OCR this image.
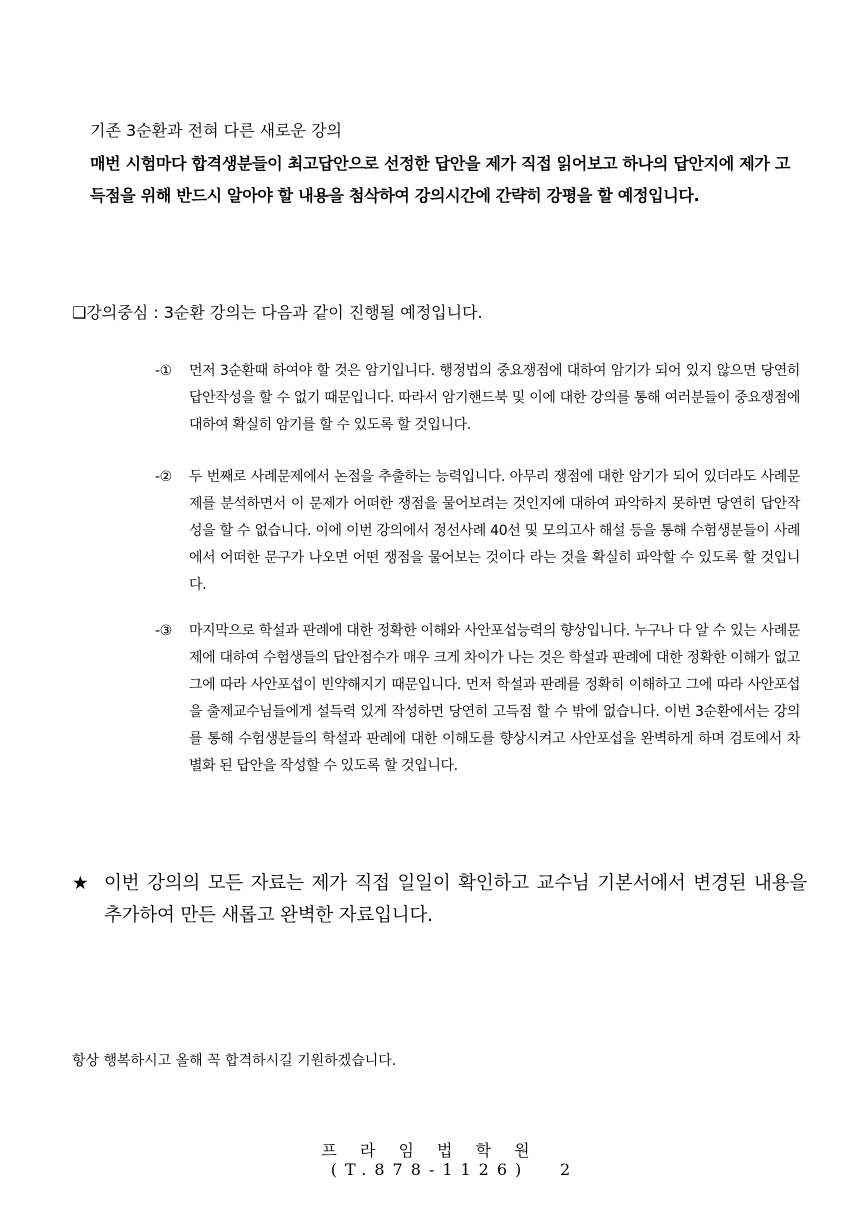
기존 3순환과 전혀 다른 새로운 강의
매번 시험마다 합격생분들이 최고답안으로 선정한 답안을 제가 직접 읽어보고 하나의 답안지에 제가 고득점을 위해 반드시 알아야 할 내용을 첨삭하여 강의시간에 간략히 강평을 할 예정입니다.
❏강의중심 : 3순환 강의는 다음과 같이 진행될 예정입니다.
-①	먼저 3순환때 하여야 할 것은 암기입니다. 행정법의 중요쟁점에 대하여 암기가 되어 있지 않으면 당연히 답안작성을 할 수 없기 때문입니다. 따라서 암기핸드북 및 이에 대한 강의를 통해 여러분들이 중요쟁점에 대하여 확실히 암기를 할 수 있도록 할 것입니다.
-②	두 번째로 사례문제에서 논점을 추출하는 능력입니다. 아무리 쟁점에 대한 암기가 되어 있더라도 사례문제를 분석하면서 이 문제가 어떠한 쟁점을 물어보려는 것인지에 대하여 파악하지 못하면 당연히 답안작성을 할 수 없습니다. 이에 이번 강의에서 정선사례 40선 및 모의고사 해설 등을 통해 수험생분들이 사례에서 어떠한 문구가 나오면 어떤 쟁점을 물어보는 것이다 라는 것을 확실히 파악할 수 있도록 할 것입니다.
-③	마지막으로 학설과 판례에 대한 정확한 이해와 사안포섭능력의 향상입니다. 누구나 다 알 수 있는 사례문제에 대하여 수험생들의 답안점수가 매우 크게 차이가 나는 것은 학설과 판례에 대한 정확한 이해가 없고 그에 따라 사안포섭이 빈약해지기 때문입니다. 먼저 학설과 판례를 정확히 이해하고 그에 따라 사안포섭을 출제교수님들에게 설득력 있게 작성하면 당연히 고득점 할 수 밖에 없습니다. 이번 3순환에서는 강의를 통해 수험생분들의 학설과 판례에 대한 이해도를 향상시켜고 사안포섭을 완벽하게 하며 검토에서 차별화 된 답안을 작성할 수 있도록 할 것입니다.
★ 이번 강의의 모든 자료는 제가 직접 일일이 확인하고 교수님 기본서에서 변경된 내용을 추가하여 만든 새롭고 완벽한 자료입니다.
항상 행복하시고 올해 꼭 합격하시길 기원하겠습니다.
프 라 임 법 학 원
(T.878-1126)	2
